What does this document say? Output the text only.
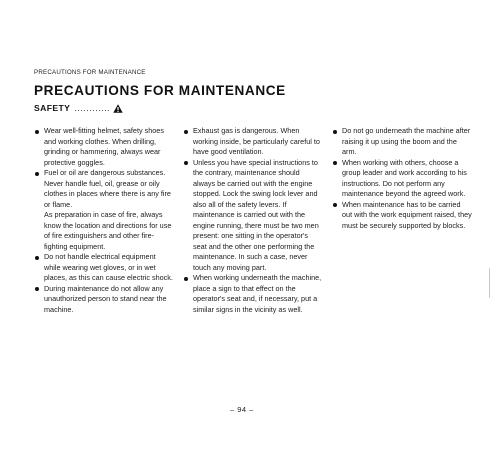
PRECAUTIONS FOR MAINTENANCE
PRECAUTIONS FOR MAINTENANCE
SAFETY ............

Wear well-fitting helmet, safety shoes and working clothes. When drilling, grinding or hammering, always wear protective goggles.

Fuel or oil are dangerous substances.

Never handle fuel, oil, grease or oily clothes in places where there is any fire or flame.

As preparation in case of fire, always know the location and directions for use of fire extinguishers and other fire-fighting equipment.

Do not handle electrical equipment while wearing wet gloves, or in wet places, as this can cause electric shock.

During maintenance do not allow any unauthorized person to stand near the machine.

Exhaust gas is dangerous. When working inside, be particularly careful to have good ventilation.

Unless you have special instructions to the contrary, maintenance should always be carried out with the engine stopped. Lock the swing lock lever and also all of the safety levers. If maintenance is carried out with the engine running, there must be two men present: one sitting in the operator's seat and the other one performing the maintenance. In such a case, never touch any moving part.

When working underneath the machine, place a sign to that effect on the operator's seat and, if necessary, put a similar signs in the vicinity as well.

Do not go underneath the machine after raising it up using the boom and the arm.

When working with others, choose a group leader and work according to his instructions. Do not perform any maintenance beyond the agreed work.

When maintenance has to be carried out with the work equipment raised, they must be securely supported by blocks.

– 94 –
